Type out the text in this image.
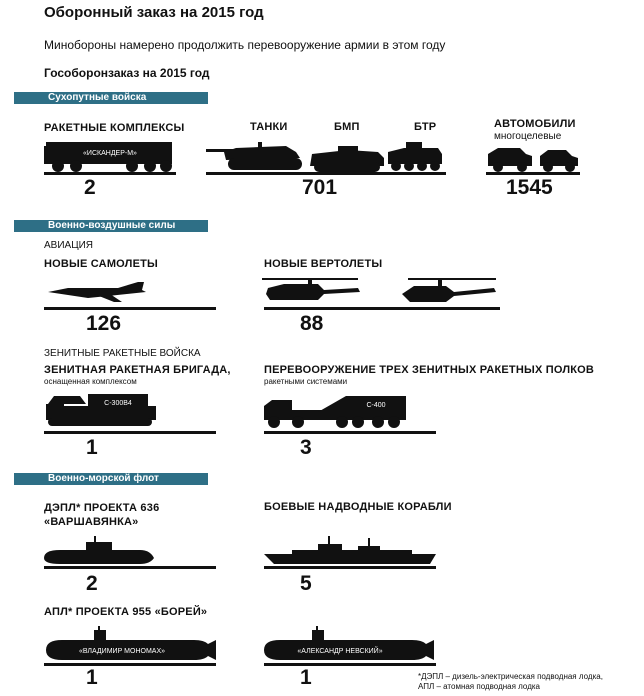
Оборонный заказ на 2015 год
Минобороны намерено продолжить перевооружение армии в этом году
Гособоронзаказ на 2015 год
Сухопутные войска
РАКЕТНЫЕ КОМПЛЕКСЫ
«ИСКАНДЕР-М»
2
ТАНКИ	БМП	БТР
701
АВТОМОБИЛИ
многоцелевые
1545
Военно-воздушные силы
АВИАЦИЯ
НОВЫЕ САМОЛЕТЫ
126
НОВЫЕ ВЕРТОЛЕТЫ
88
ЗЕНИТНЫЕ РАКЕТНЫЕ ВОЙСКА
ЗЕНИТНАЯ РАКЕТНАЯ БРИГАДА,
оснащенная комплексом
С-300В4
1
ПЕРЕВООРУЖЕНИЕ ТРЕХ ЗЕНИТНЫХ РАКЕТНЫХ ПОЛКОВ
ракетными системами
С-400
3
Военно-морской флот
ДЭПЛ* ПРОЕКТА 636
«ВАРШАВЯНКА»
2
БОЕВЫЕ НАДВОДНЫЕ КОРАБЛИ
5
АПЛ* ПРОЕКТА 955 «БОРЕЙ»
«ВЛАДИМИР МОНОМАХ»
1
«АЛЕКСАНДР НЕВСКИЙ»
1	*ДЭПЛ – дизель-электрическая подводная лодка,
АПЛ – атомная подводная лодка
